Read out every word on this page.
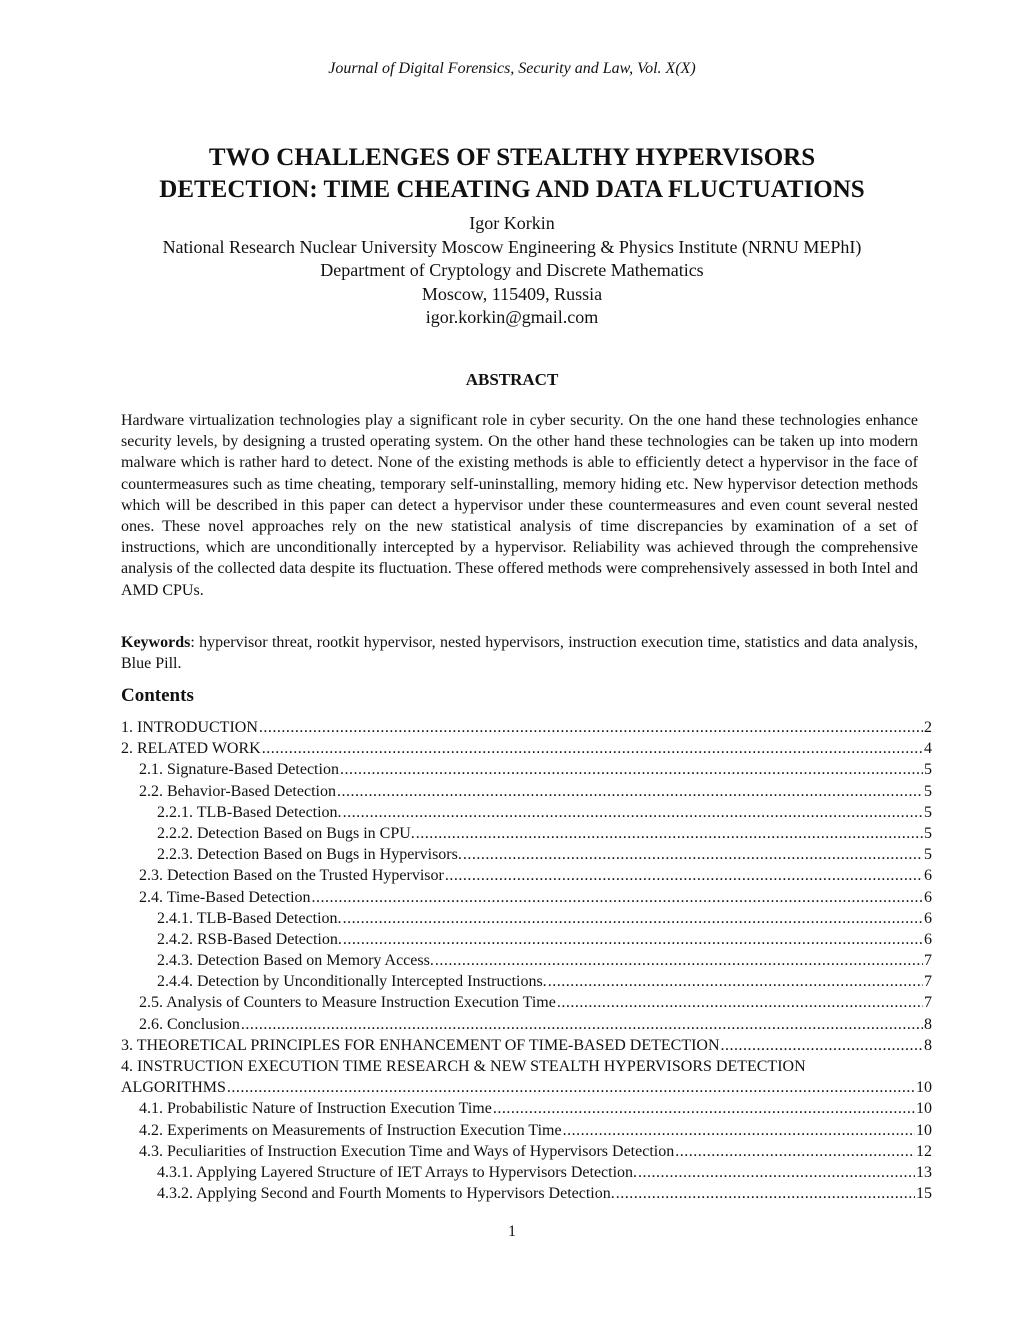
Journal of Digital Forensics, Security and Law, Vol. X(X)
TWO CHALLENGES OF STEALTHY HYPERVISORS
DETECTION: TIME CHEATING AND DATA FLUCTUATIONS
Igor Korkin
National Research Nuclear University Moscow Engineering & Physics Institute (NRNU MEPhI)
Department of Cryptology and Discrete Mathematics
Moscow, 115409, Russia
igor.korkin@gmail.com
ABSTRACT

Hardware virtualization technologies play a significant role in cyber security. On the one hand these technologies enhance security levels, by designing a trusted operating system. On the other hand these technologies can be taken up into modern malware which is rather hard to detect. None of the existing methods is able to efficiently detect a hypervisor in the face of countermeasures such as time cheating, temporary self-uninstalling, memory hiding etc. New hypervisor detection methods which will be described in this paper can detect a hypervisor under these countermeasures and even count several nested ones. These novel approaches rely on the new statistical analysis of time discrepancies by examination of a set of instructions, which are unconditionally intercepted by a hypervisor. Reliability was achieved through the comprehensive analysis of the collected data despite its fluctuation. These offered methods were comprehensively assessed in both Intel and AMD CPUs.

Keywords: hypervisor threat, rootkit hypervisor, nested hypervisors, instruction execution time, statistics and data analysis, Blue Pill.

Contents
1. INTRODUCTION .....	2
2. RELATED WORK .....	4
2.1. Signature-Based Detection .....	5
2.2. Behavior-Based Detection .....	5
2.2.1. TLB-Based Detection. .....	5
2.2.2. Detection Based on Bugs in CPU. .....	5
2.2.3. Detection Based on Bugs in Hypervisors. .....	5
2.3. Detection Based on the Trusted Hypervisor .....	6
2.4. Time-Based Detection .....	6
2.4.1. TLB-Based Detection. .....	6
2.4.2. RSB-Based Detection. .....	6
2.4.3. Detection Based on Memory Access. .....	7
2.4.4. Detection by Unconditionally Intercepted Instructions. .....	7
2.5. Analysis of Counters to Measure Instruction Execution Time .....	7
2.6. Conclusion .....	8
3. THEORETICAL PRINCIPLES FOR ENHANCEMENT OF TIME-BASED DETECTION .....	8
4. INSTRUCTION EXECUTION TIME RESEARCH & NEW STEALTH HYPERVISORS DETECTION
ALGORITHMS .....	10
4.1. Probabilistic Nature of Instruction Execution Time .....	10
4.2. Experiments on Measurements of Instruction Execution Time .....	10
4.3. Peculiarities of Instruction Execution Time and Ways of Hypervisors Detection .....	12
4.3.1. Applying Layered Structure of IET Arrays to Hypervisors Detection. .....	13
4.3.2. Applying Second and Fourth Moments to Hypervisors Detection. .....	15
1
